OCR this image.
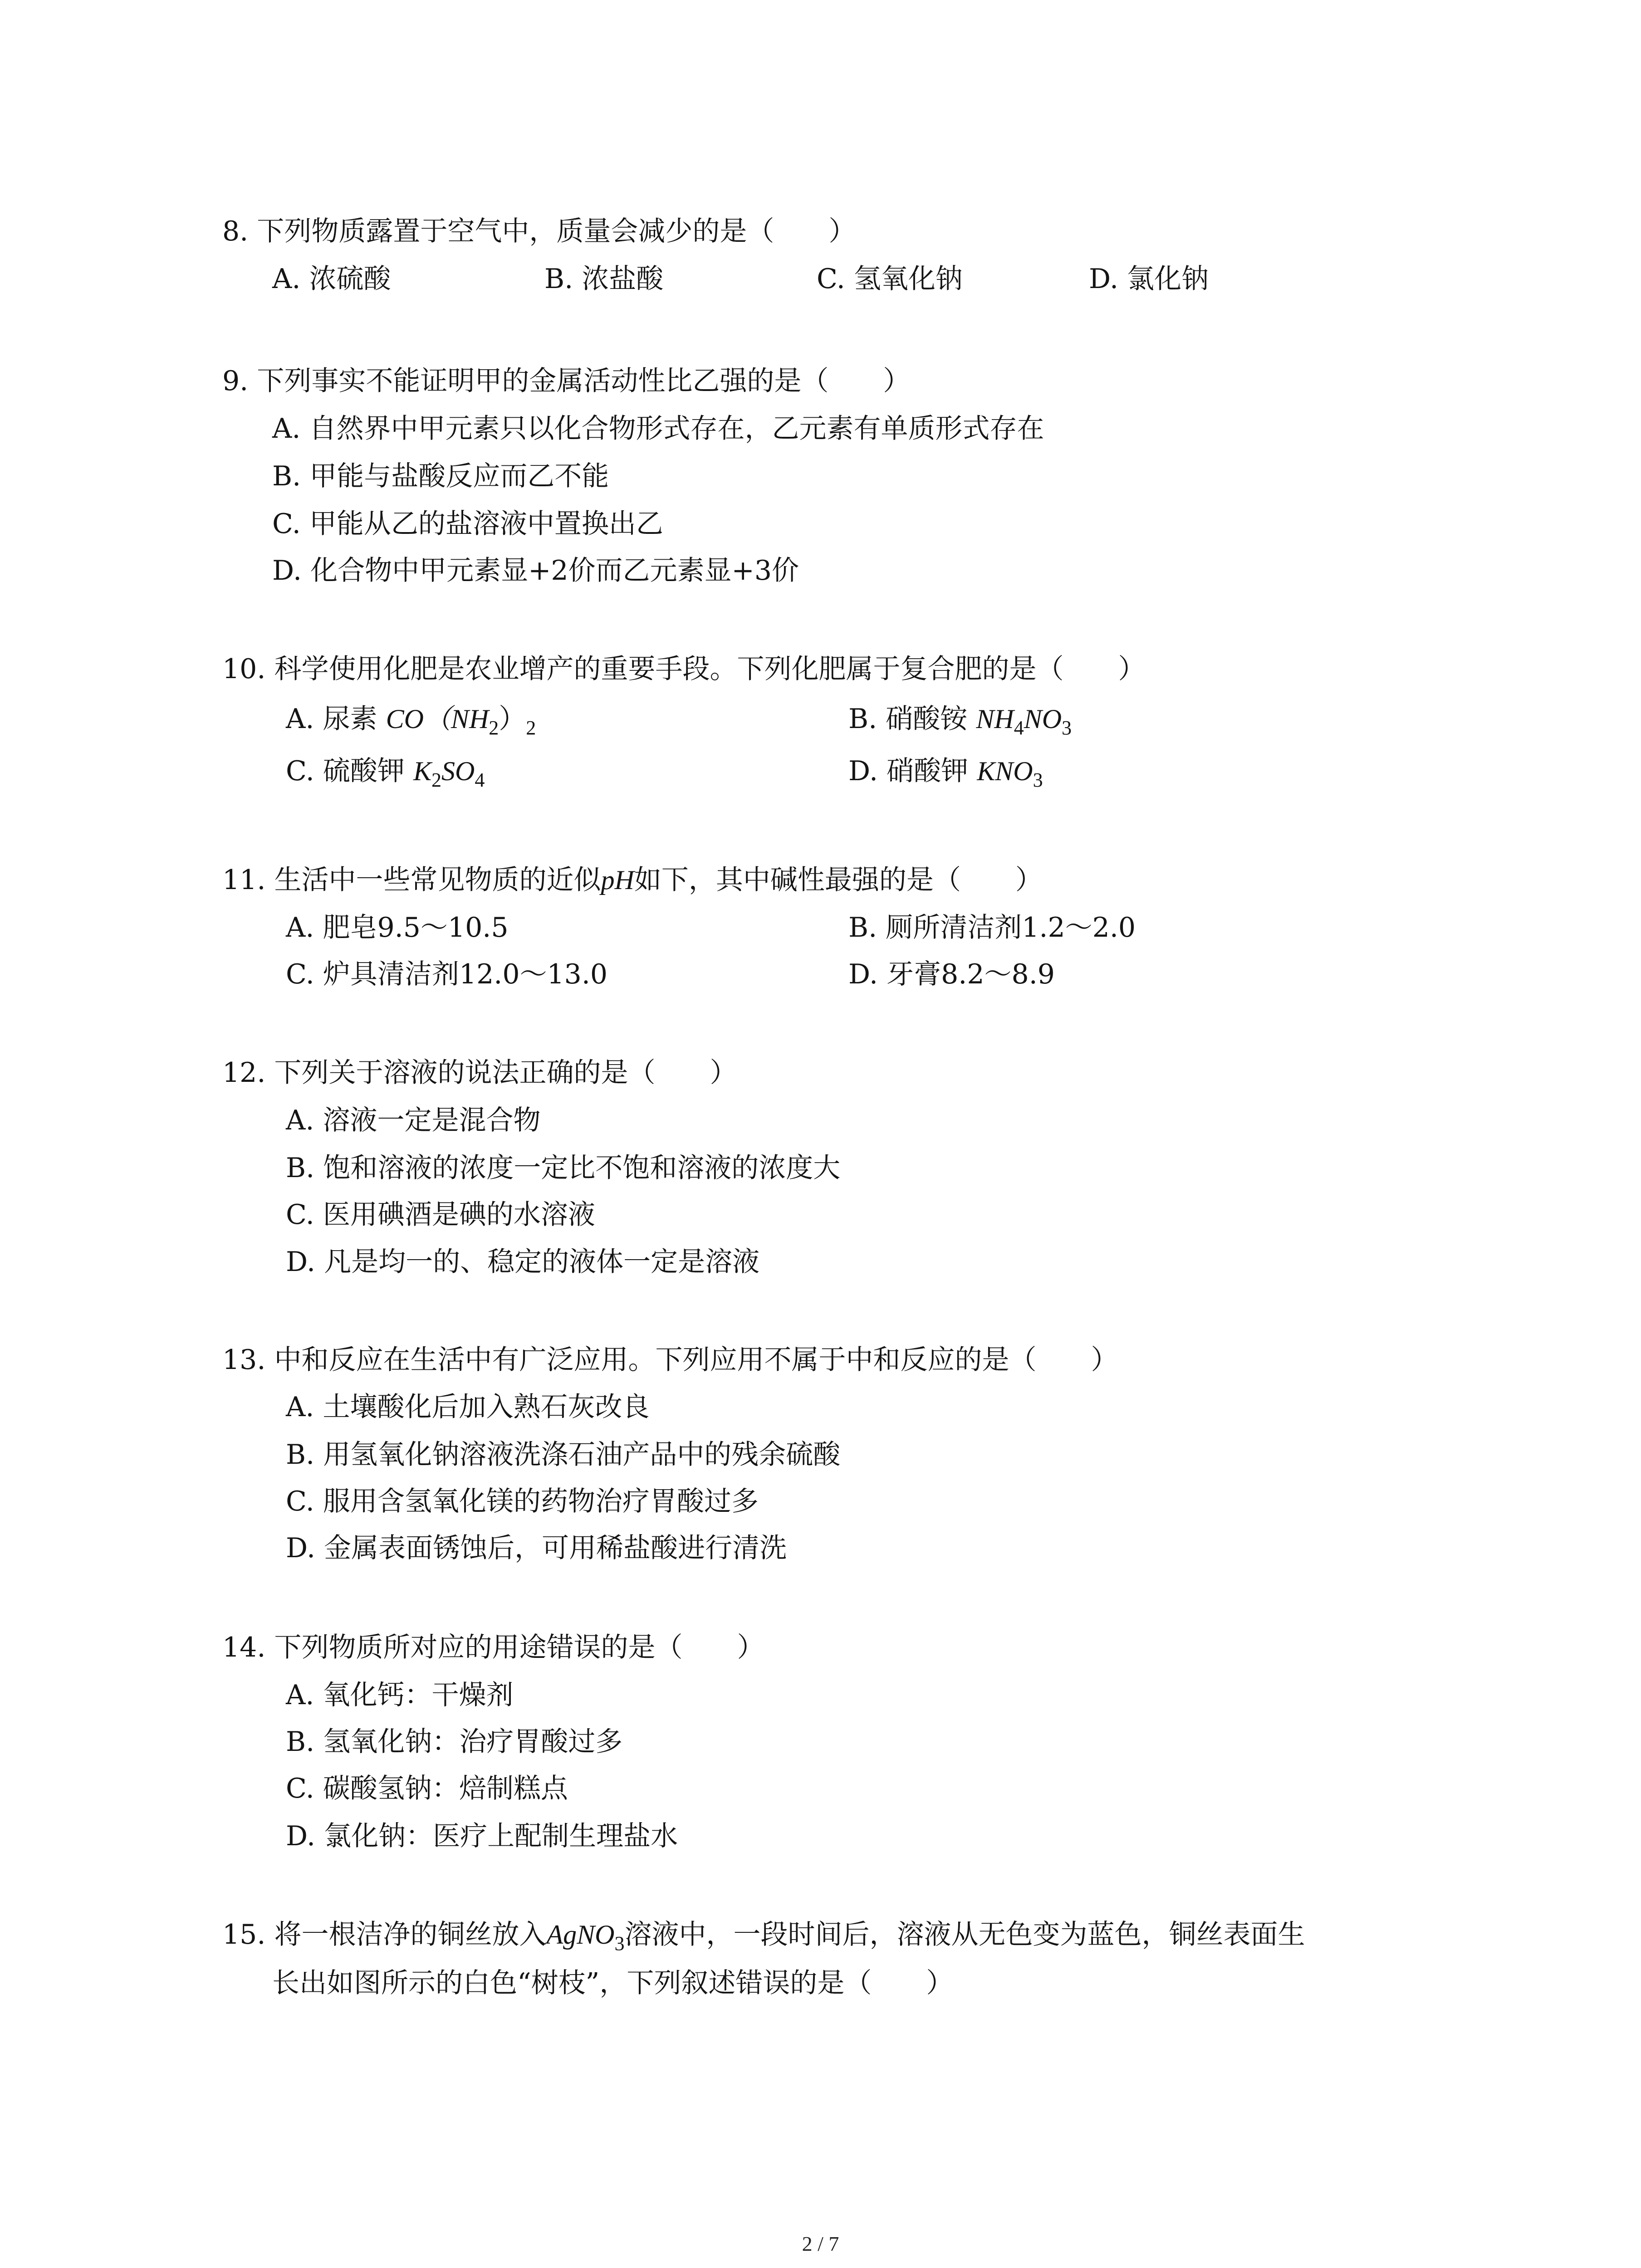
8. 下列物质露置于空气中，质量会减少的是（　　）
A. 浓硫酸	B. 浓盐酸	C. 氢氧化钠	D. 氯化钠
9. 下列事实不能证明甲的金属活动性比乙强的是（　　）
A. 自然界中甲元素只以化合物形式存在，乙元素有单质形式存在
B. 甲能与盐酸反应而乙不能
C. 甲能从乙的盐溶液中置换出乙
D. 化合物中甲元素显+2价而乙元素显+3价
10. 科学使用化肥是农业增产的重要手段。下列化肥属于复合肥的是（　　）
A. 尿素 $CO(NH_2)_2$	B. 硝酸铵 $NH_4NO_3$
C. 硫酸钾 $K_2SO_4$	D. 硝酸钾 $KNO_3$
11. 生活中一些常见物质的近似pH如下，其中碱性最强的是（　　）
A. 肥皂9.5～10.5	B. 厕所清洁剂1.2～2.0
C. 炉具清洁剂12.0～13.0	D. 牙膏8.2～8.9
12. 下列关于溶液的说法正确的是（　　）
A. 溶液一定是混合物
B. 饱和溶液的浓度一定比不饱和溶液的浓度大
C. 医用碘酒是碘的水溶液
D. 凡是均一的、稳定的液体一定是溶液
13. 中和反应在生活中有广泛应用。下列应用不属于中和反应的是（　　）
A. 土壤酸化后加入熟石灰改良
B. 用氢氧化钠溶液洗涤石油产品中的残余硫酸
C. 服用含氢氧化镁的药物治疗胃酸过多
D. 金属表面锈蚀后，可用稀盐酸进行清洗
14. 下列物质所对应的用途错误的是（　　）
A. 氧化钙：干燥剂
B. 氢氧化钠：治疗胃酸过多
C. 碳酸氢钠：焙制糕点
D. 氯化钠：医疗上配制生理盐水
15. 将一根洁净的铜丝放入AgNO$_3$溶液中，一段时间后，溶液从无色变为蓝色，铜丝表面生
长出如图所示的白色“树枝”，下列叙述错误的是（　　）
2 / 7
